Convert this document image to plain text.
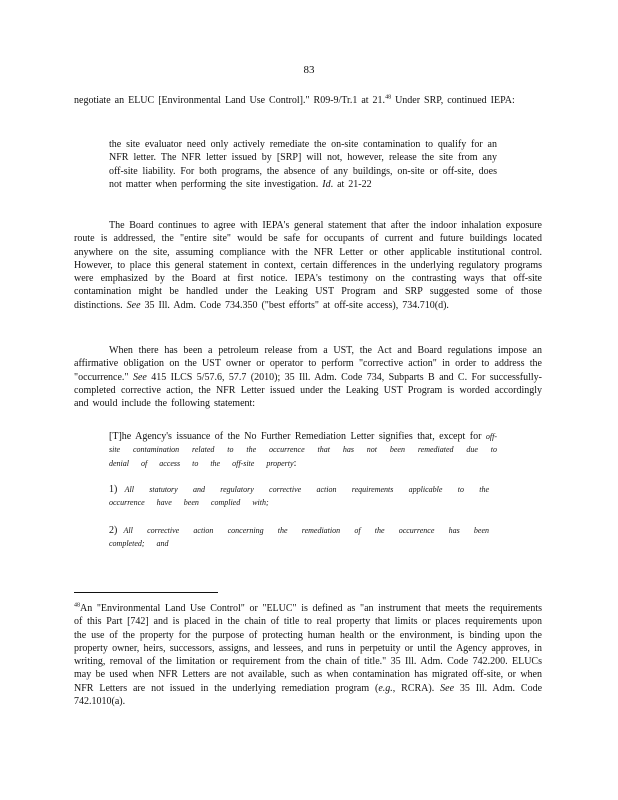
83

negotiate an ELUC [Environmental Land Use Control]." R09-9/Tr.1 at 21.48 Under SRP, continued IEPA:

the site evaluator need only actively remediate the on-site contamination to qualify for an NFR letter. The NFR letter issued by [SRP] will not, however, release the site from any off-site liability. For both programs, the absence of any buildings, on-site or off-site, does not matter when performing the site investigation. Id. at 21-22

The Board continues to agree with IEPA's general statement that after the indoor inhalation exposure route is addressed, the "entire site" would be safe for occupants of current and future buildings located anywhere on the site, assuming compliance with the NFR Letter or other applicable institutional control. However, to place this general statement in context, certain differences in the underlying regulatory programs were emphasized by the Board at first notice. IEPA's testimony on the contrasting ways that off-site contamination might be handled under the Leaking UST Program and SRP suggested some of those distinctions. See 35 Ill. Adm. Code 734.350 ("best efforts" at off-site access), 734.710(d).

When there has been a petroleum release from a UST, the Act and Board regulations impose an affirmative obligation on the UST owner or operator to perform "corrective action" in order to address the "occurrence." See 415 ILCS 5/57.6, 57.7 (2010); 35 Ill. Adm. Code 734, Subparts B and C. For successfully-completed corrective action, the NFR Letter issued under the Leaking UST Program is worded accordingly and would include the following statement:

[T]he Agency's issuance of the No Further Remediation Letter signifies that, except for off-site contamination related to the occurrence that has not been remediated due to denial of access to the off-site property:

1) All statutory and regulatory corrective action requirements applicable to the occurrence have been complied with;

2) All corrective action concerning the remediation of the occurrence has been completed; and

$^{48}$An "Environmental Land Use Control" or "ELUC" is defined as "an instrument that meets the requirements of this Part [742] and is placed in the chain of title to real property that limits or places requirements upon the use of the property for the purpose of protecting human health or the environment, is binding upon the property owner, heirs, successors, assigns, and lessees, and runs in perpetuity or until the Agency approves, in writing, removal of the limitation or requirement from the chain of title." 35 Ill. Adm. Code 742.200. ELUCs may be used when NFR Letters are not available, such as when contamination has migrated off-site, or when NFR Letters are not issued in the underlying remediation program (e.g., RCRA). See 35 Ill. Adm. Code 742.1010(a).
